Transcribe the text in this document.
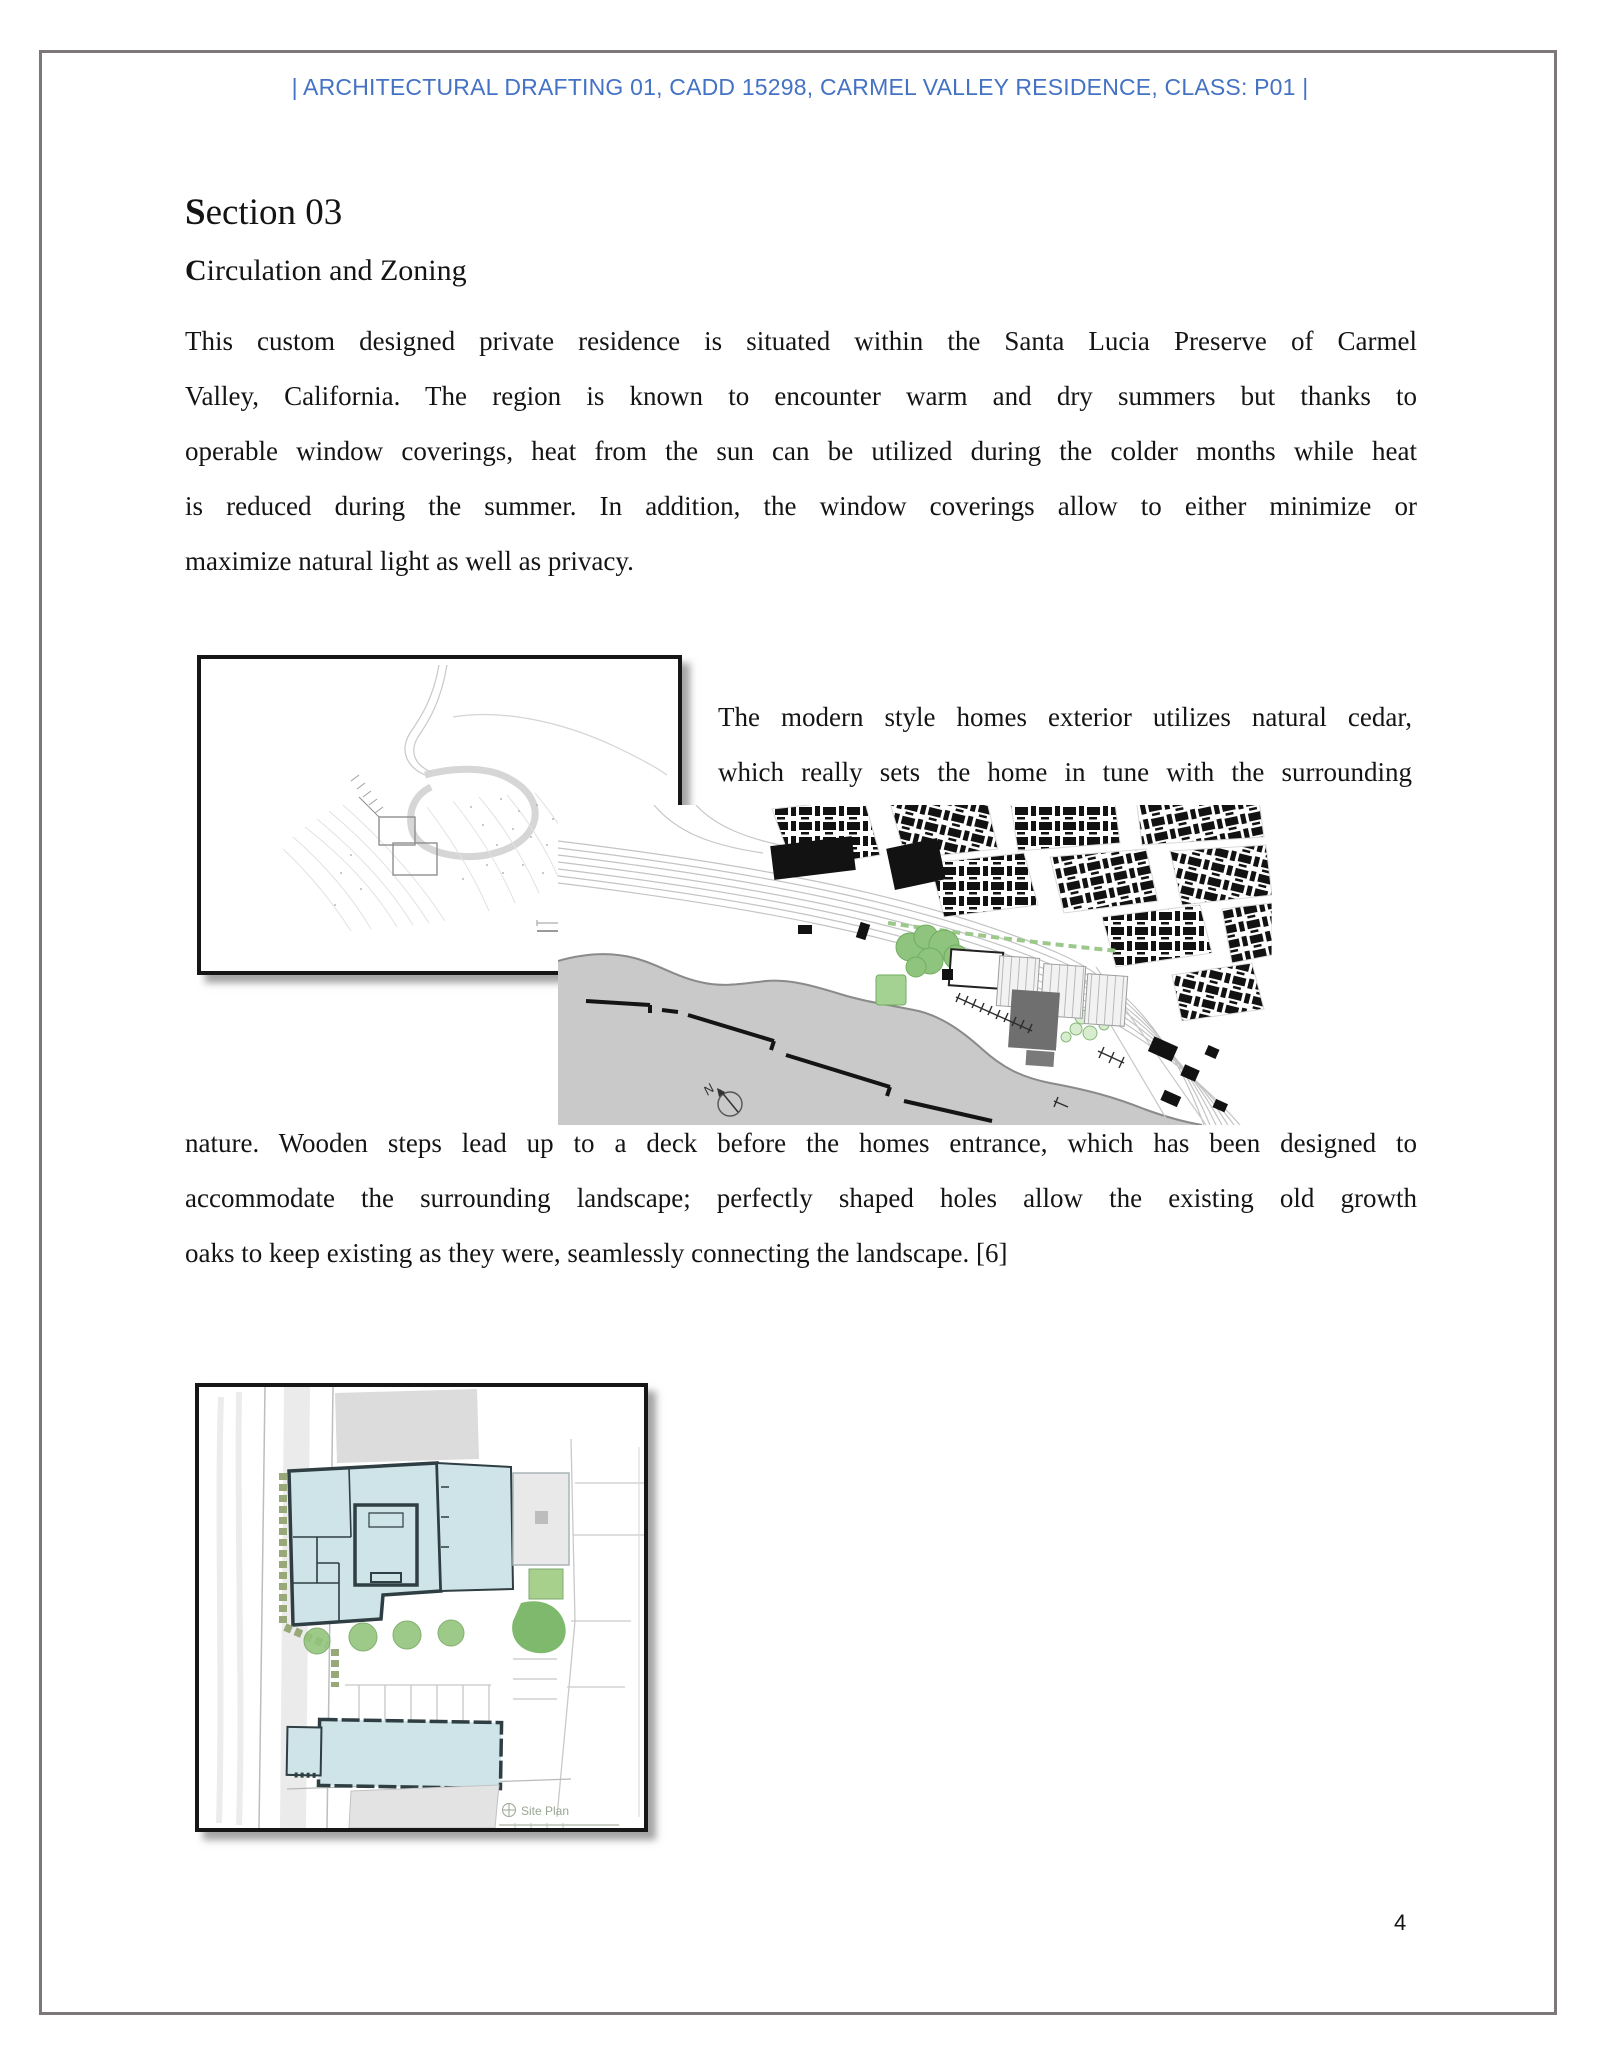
| ARCHITECTURAL DRAFTING 01, CADD 15298, CARMEL VALLEY RESIDENCE, CLASS: P01 |
Section 03
Circulation and Zoning
This custom designed private residence is situated within the Santa Lucia Preserve of Carmel
Valley, California. The region is known to encounter warm and dry summers but thanks to
operable window coverings, heat from the sun can be utilized during the colder months while heat
is reduced during the summer. In addition, the window coverings allow to either minimize or
maximize natural light as well as privacy.
The modern style homes exterior utilizes natural cedar,
which really sets the home in tune with the surrounding
N
nature. Wooden steps lead up to a deck before the homes entrance, which has been designed to
accommodate the surrounding landscape; perfectly shaped holes allow the existing old growth
oaks to keep existing as they were, seamlessly connecting the landscape. [6]
Site Plan
4
